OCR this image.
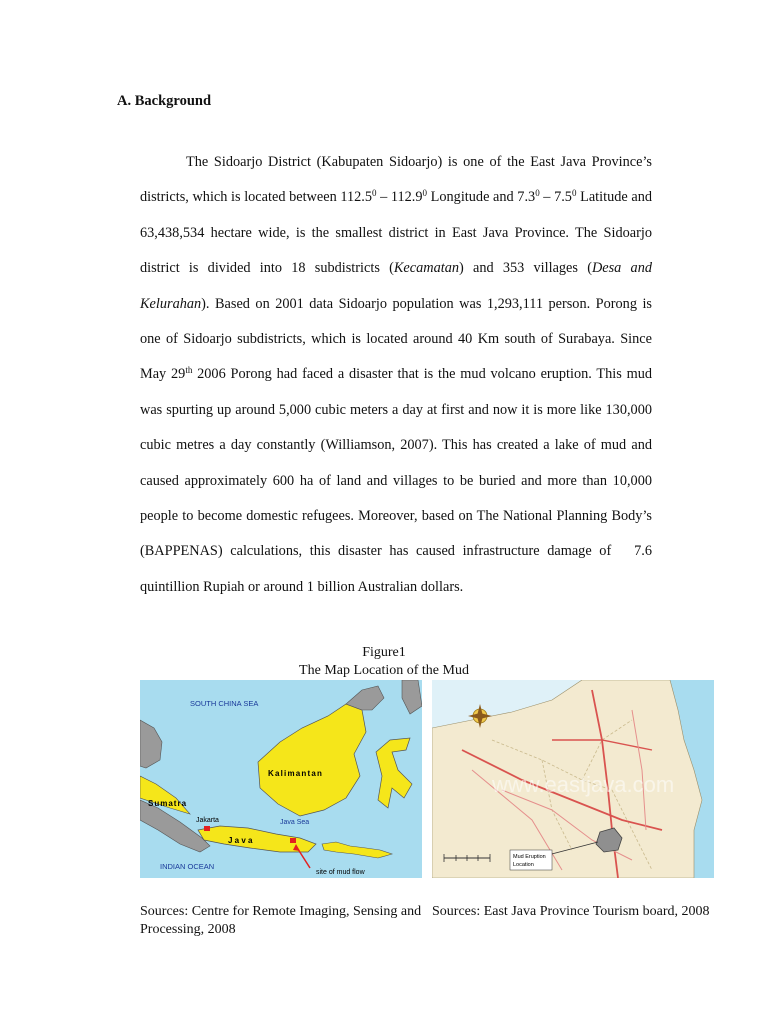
A. Background

The Sidoarjo District (Kabupaten Sidoarjo) is one of the East Java Province’s districts, which is located between 112.5$^0$ – 112.9$^0$ Longitude and $7.3^0 - 7.5^0$ Latitude and 63,438,534 hectare wide, is the smallest district in East Java Province. The Sidoarjo district is divided into 18 subdistricts (Kecamatan) and 353 villages (Desa and Kelurahan). Based on 2001 data Sidoarjo population was 1,293,111 person. Porong is one of Sidoarjo subdistricts, which is located around 40 Km south of Surabaya. Since May 29th 2006 Porong had faced a disaster that is the mud volcano eruption. This mud was spurting up around 5,000 cubic meters a day at first and now it is more like 130,000 cubic metres a day constantly (Williamson, 2007). This has created a lake of mud and caused approximately 600 ha of land and villages to be buried and more than 10,000 people to become domestic refugees. Moreover, based on The National Planning Body’s (BAPPENAS) calculations, this disaster has caused infrastructure damage of   7.6 quintillion Rupiah or around 1 billion Australian dollars.

Figure1
The Map Location of the Mud
SOUTH CHINA SEA
Kalimantan
Sumatra
Jakarta	Java Sea
J a v a
INDIAN OCEAN
site of mud flow
www.eastjava.com
Mud Eruption
Location
Sources: Centre for Remote Imaging, Sensing and Processing, 2008
Sources: East Java Province Tourism board, 2008
